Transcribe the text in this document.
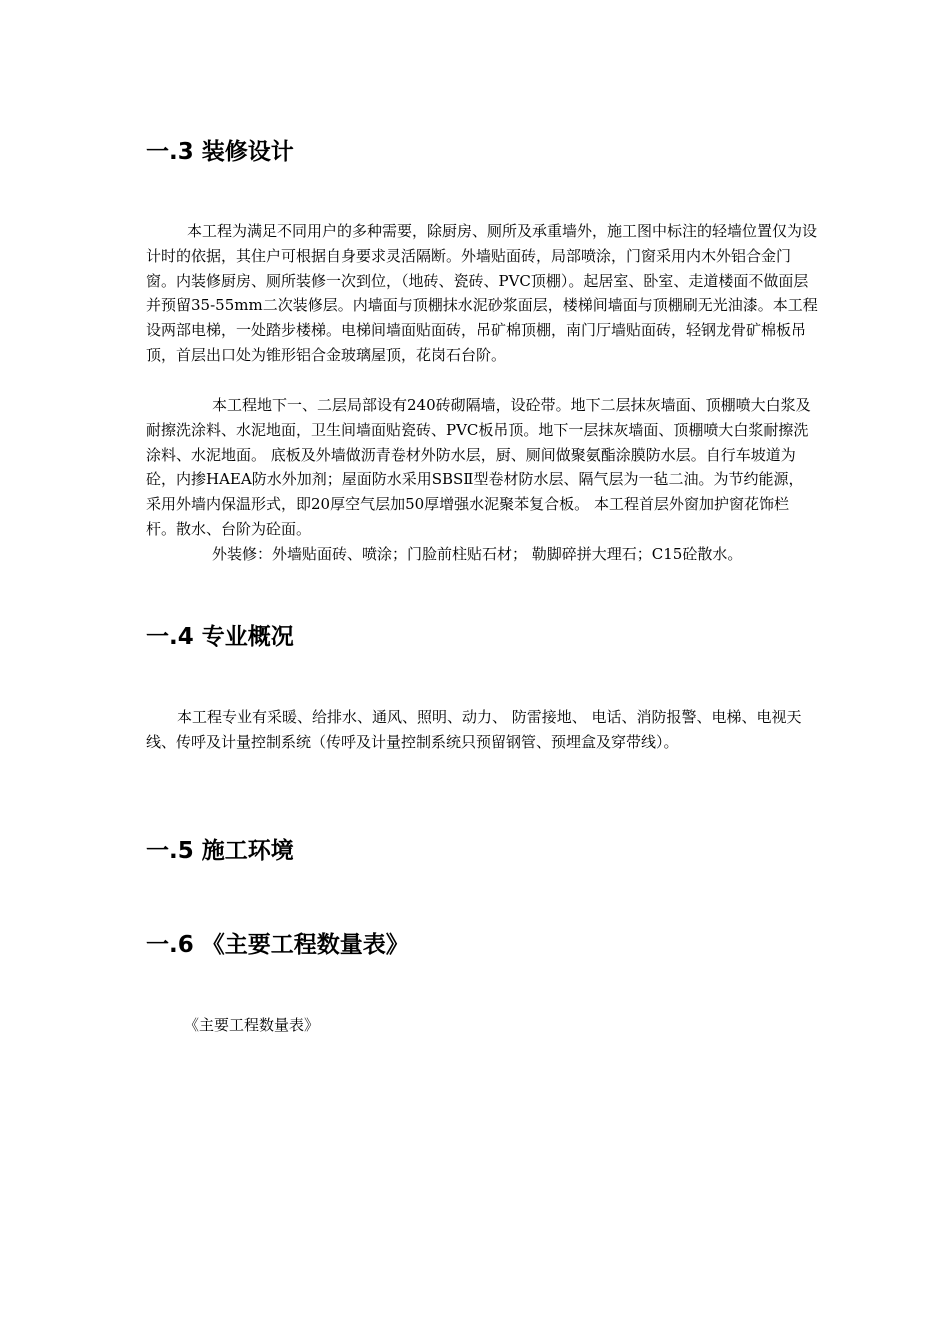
一.3 装修设计

本工程为满足不同用户的多种需要，除厨房、厕所及承重墙外，施工图中标注的轻墙位置仅为设计时的依据，其住户可根据自身要求灵活隔断。外墙贴面砖，局部喷涂，门窗采用内木外铝合金门窗。内装修厨房、厕所装修一次到位，（地砖、瓷砖、PVC顶棚）。起居室、卧室、走道楼面不做面层并预留35-55mm二次装修层。内墙面与顶棚抹水泥砂浆面层，楼梯间墙面与顶棚刷无光油漆。本工程设两部电梯，一处踏步楼梯。电梯间墙面贴面砖，吊矿棉顶棚，南门厅墙贴面砖，轻钢龙骨矿棉板吊顶，首层出口处为锥形铝合金玻璃屋顶，花岗石台阶。

本工程地下一、二层局部设有240砖砌隔墙，设砼带。地下二层抹灰墙面、顶棚喷大白浆及耐擦洗涂料、水泥地面，卫生间墙面贴瓷砖、PVC板吊顶。地下一层抹灰墙面、顶棚喷大白浆耐擦洗涂料、水泥地面。 底板及外墙做沥青卷材外防水层，厨、厕间做聚氨酯涂膜防水层。自行车坡道为砼，内掺HAEA防水外加剂；屋面防水采用SBSⅡ型卷材防水层、隔气层为一毡二油。为节约能源， 采用外墙内保温形式，即20厚空气层加50厚增强水泥聚苯复合板。 本工程首层外窗加护窗花饰栏杆。散水、台阶为砼面。

外装修：外墙贴面砖、喷涂；门脸前柱贴石材； 勒脚碎拼大理石；C15砼散水。

一.4 专业概况

本工程专业有采暖、给排水、通风、照明、动力、 防雷接地、 电话、消防报警、电梯、电视天线、传呼及计量控制系统（传呼及计量控制系统只预留钢管、预埋盒及穿带线）。

一.5 施工环境
一.6 《主要工程数量表》

《主要工程数量表》
